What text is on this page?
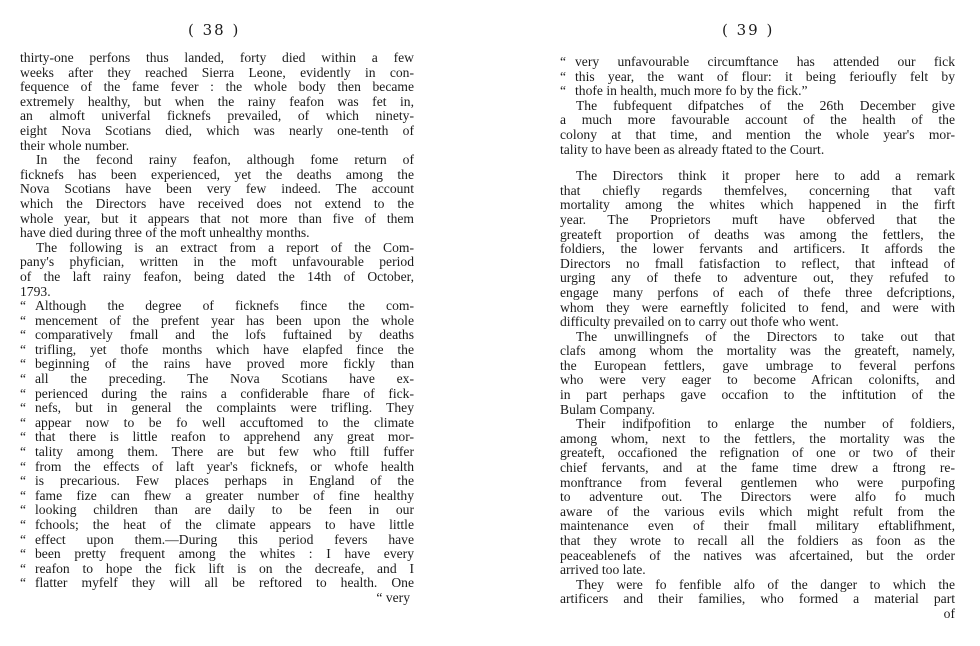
( 38 )
thirty-one perfons thus landed, forty died within a few
weeks after they reached Sierra Leone, evidently in con-
fequence of the fame fever : the whole body then became
extremely healthy, but when the rainy feafon was fet in,
an almoft univerfal ficknefs prevailed, of which ninety-
eight Nova Scotians died, which was nearly one-tenth of
their whole number.
In the fecond rainy feafon, although fome return of
ficknefs has been experienced, yet the deaths among the
Nova Scotians have been very few indeed. The account
which the Directors have received does not extend to the
whole year, but it appears that not more than five of them
have died during three of the moft unhealthy months.
The following is an extract from a report of the Com-
pany's phyfician, written in the moft unfavourable period
of the laft rainy feafon, being dated the 14th of October,
1793.
“ Although the degree of ficknefs fince the com-
“ mencement of the prefent year has been upon the whole
“ comparatively fmall and the lofs fuftained by deaths
“ trifling, yet thofe months which have elapfed fince the
“ beginning of the rains have proved more fickly than
“ all the preceding. The Nova Scotians have ex-
“ perienced during the rains a confiderable fhare of fick-
“ nefs, but in general the complaints were trifling. They
“ appear now to be fo well accuftomed to the climate
“ that there is little reafon to apprehend any great mor-
“ tality among them. There are but few who ftill fuffer
“ from the effects of laft year's ficknefs, or whofe health
“ is precarious. Few places perhaps in England of the
“ fame fize can fhew a greater number of fine healthy
“ looking children than are daily to be feen in our
“ fchools; the heat of the climate appears to have little
“ effect upon them.—During this period fevers have
“ been pretty frequent among the whites : I have every
“ reafon to hope the fick lift is on the decreafe, and I
“ flatter myfelf they will all be reftored to health. One
“ very
( 39 )
“ very unfavourable circumftance has attended our fick
“ this year, the want of flour: it being ferioufly felt by
“ thofe in health, much more fo by the fick.”
The fubfequent difpatches of the 26th December give
a much more favourable account of the health of the
colony at that time, and mention the whole year's mor-
tality to have been as already ftated to the Court.
The Directors think it proper here to add a remark
that chiefly regards themfelves, concerning that vaft
mortality among the whites which happened in the firft
year. The Proprietors muft have obferved that the
greateft proportion of deaths was among the fettlers, the
foldiers, the lower fervants and artificers. It affords the
Directors no fmall fatisfaction to reflect, that inftead of
urging any of thefe to adventure out, they refufed to
engage many perfons of each of thefe three defcriptions,
whom they were earneftly folicited to fend, and were with
difficulty prevailed on to carry out thofe who went.
The unwillingnefs of the Directors to take out that
clafs among whom the mortality was the greateft, namely,
the European fettlers, gave umbrage to feveral perfons
who were very eager to become African colonifts, and
in part perhaps gave occafion to the inftitution of the
Bulam Company.
Their indifpofition to enlarge the number of foldiers,
among whom, next to the fettlers, the mortality was the
greateft, occafioned the refignation of one or two of their
chief fervants, and at the fame time drew a ftrong re-
monftrance from feveral gentlemen who were purpofing
to adventure out. The Directors were alfo fo much
aware of the various evils which might refult from the
maintenance even of their fmall military eftablifhment,
that they wrote to recall all the foldiers as foon as the
peaceablenefs of the natives was afcertained, but the order
arrived too late.
They were fo fenfible alfo of the danger to which the
artificers and their families, who formed a material part
of
